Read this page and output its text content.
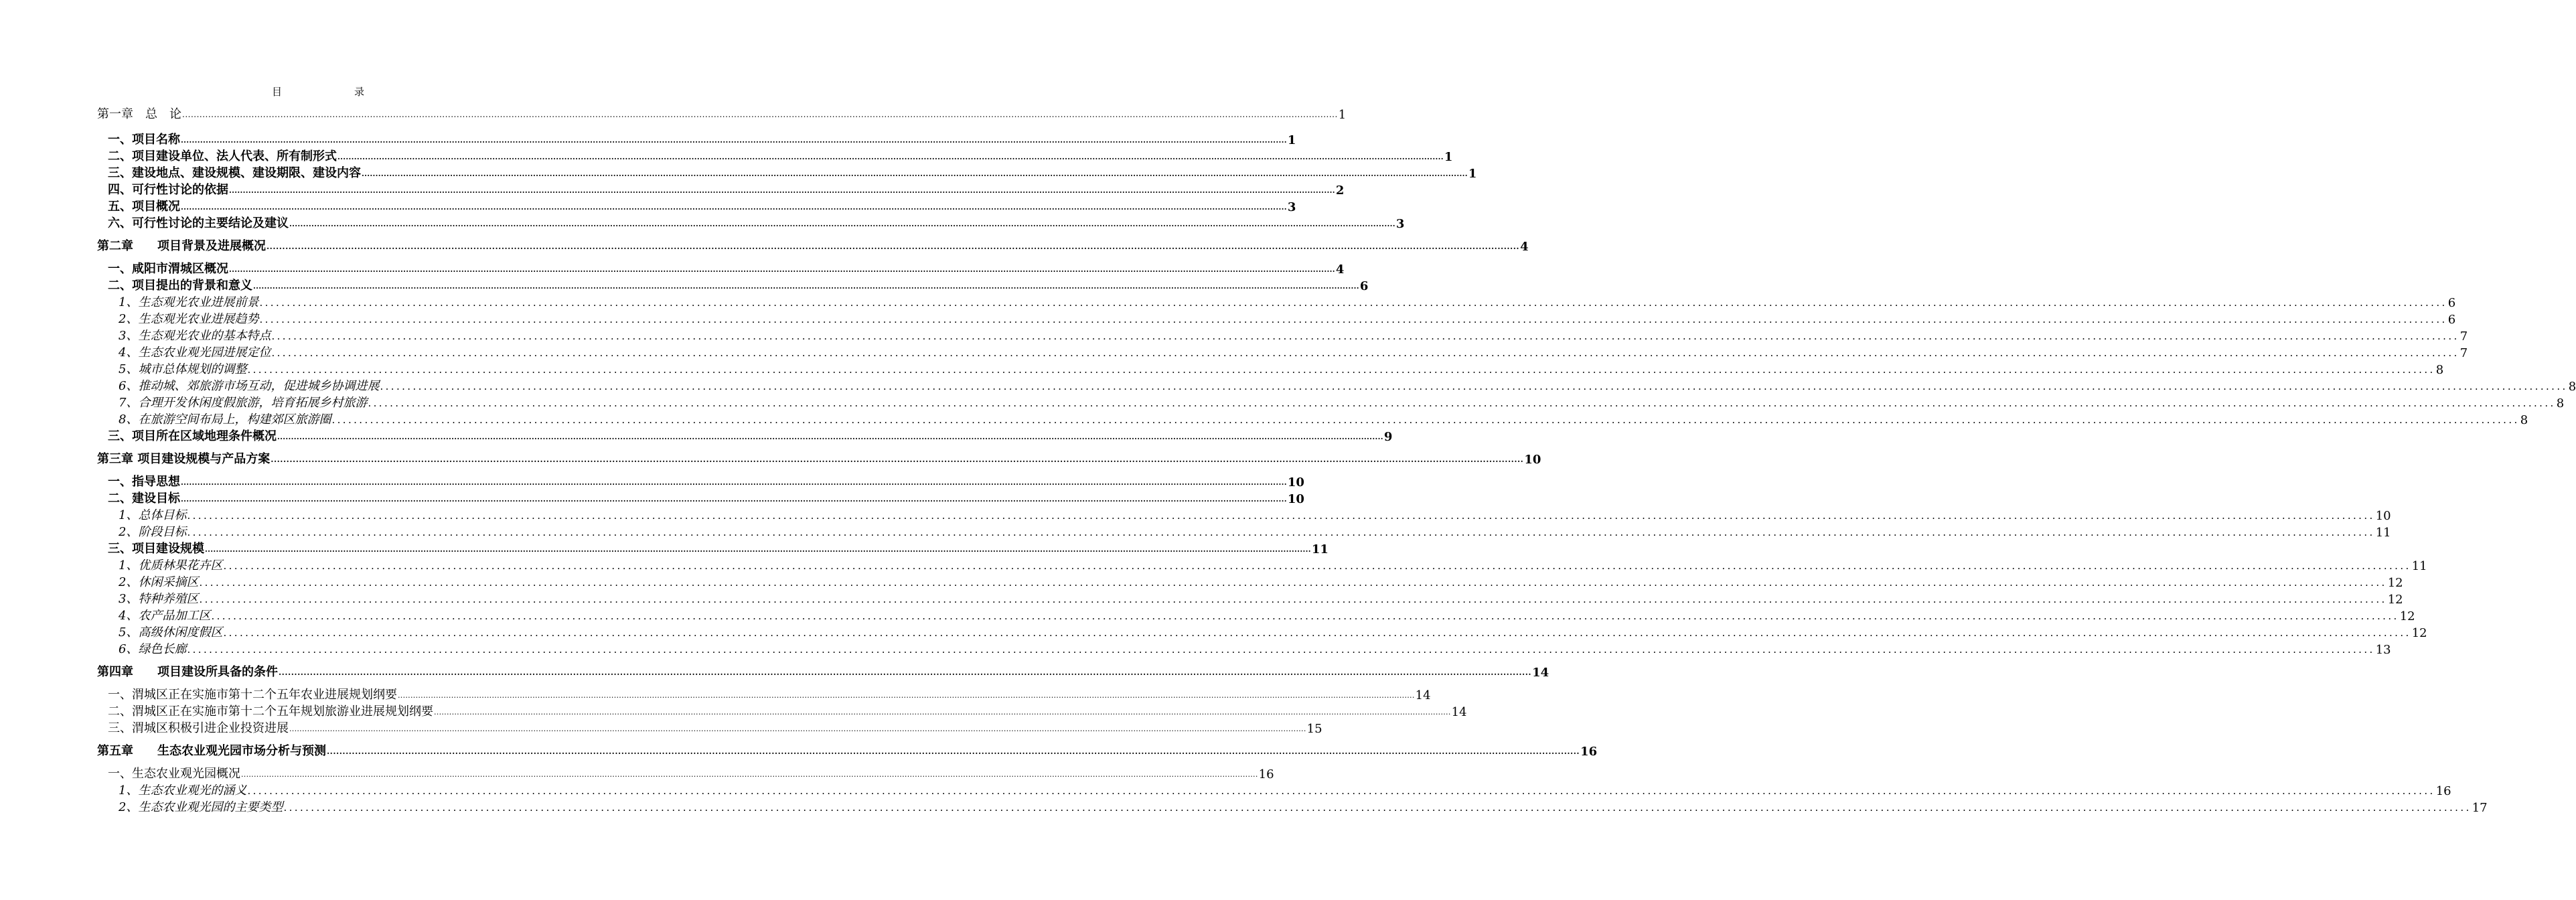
目　　录
第一章　总　论 ................................................................................................................................................................................................................................................................................................................................................................................................................ 1
一、项目名称 ................................................................................................................................................................................................................................................................................................................................................................................................................ 1
二、项目建设单位、法人代表、所有制形式 ................................................................................................................................................................................................................................................................................................................................................................................................................ 1
三、建设地点、建设规模、建设期限、建设内容 ................................................................................................................................................................................................................................................................................................................................................................................................................ 1
四、可行性讨论的依据 ................................................................................................................................................................................................................................................................................................................................................................................................................ 2
五、项目概况 ................................................................................................................................................................................................................................................................................................................................................................................................................ 3
六、可行性讨论的主要结论及建议 ................................................................................................................................................................................................................................................................................................................................................................................................................ 3
第二章　　项目背景及进展概况 ................................................................................................................................................................................................................................................................................................................................................................................................................ 4
一、咸阳市渭城区概况 ................................................................................................................................................................................................................................................................................................................................................................................................................ 4
二、项目提出的背景和意义 ................................................................................................................................................................................................................................................................................................................................................................................................................ 6
1、生态观光农业进展前景 ................................................................................................................................................................................................................................................................................................................................................................................................................ 6
2、生态观光农业进展趋势 ................................................................................................................................................................................................................................................................................................................................................................................................................ 6
3、生态观光农业的基本特点 ................................................................................................................................................................................................................................................................................................................................................................................................................ 7
4、生态农业观光园进展定位 ................................................................................................................................................................................................................................................................................................................................................................................................................ 7
5、城市总体规划的调整 ................................................................................................................................................................................................................................................................................................................................................................................................................ 8
6、推动城、郊旅游市场互动，促进城乡协调进展 ................................................................................................................................................................................................................................................................................................................................................................................................................ 8
7、合理开发休闲度假旅游，培育拓展乡村旅游 ................................................................................................................................................................................................................................................................................................................................................................................................................ 8
8、在旅游空间布局上，构建郊区旅游圈 ................................................................................................................................................................................................................................................................................................................................................................................................................ 8
三、项目所在区域地理条件概况 ................................................................................................................................................................................................................................................................................................................................................................................................................ 9
第三章 项目建设规模与产品方案 ................................................................................................................................................................................................................................................................................................................................................................................................................ 10
一、指导思想 ................................................................................................................................................................................................................................................................................................................................................................................................................ 10
二、建设目标 ................................................................................................................................................................................................................................................................................................................................................................................................................ 10
1、总体目标 ................................................................................................................................................................................................................................................................................................................................................................................................................ 10
2、阶段目标 ................................................................................................................................................................................................................................................................................................................................................................................................................ 11
三、项目建设规模 ................................................................................................................................................................................................................................................................................................................................................................................................................ 11
1、优质林果花卉区 ................................................................................................................................................................................................................................................................................................................................................................................................................ 11
2、休闲采摘区 ................................................................................................................................................................................................................................................................................................................................................................................................................ 12
3、特种养殖区 ................................................................................................................................................................................................................................................................................................................................................................................................................ 12
4、农产品加工区 ................................................................................................................................................................................................................................................................................................................................................................................................................ 12
5、高级休闲度假区 ................................................................................................................................................................................................................................................................................................................................................................................................................ 12
6、绿色长廊 ................................................................................................................................................................................................................................................................................................................................................................................................................ 13
第四章　　项目建设所具备的条件 ................................................................................................................................................................................................................................................................................................................................................................................................................ 14
一、渭城区正在实施市第十二个五年农业进展规划纲要 ................................................................................................................................................................................................................................................................................................................................................................................................................ 14
二、渭城区正在实施市第十二个五年规划旅游业进展规划纲要 ................................................................................................................................................................................................................................................................................................................................................................................................................ 14
三、渭城区积极引进企业投资进展 ................................................................................................................................................................................................................................................................................................................................................................................................................ 15
第五章　　生态农业观光园市场分析与预测 ................................................................................................................................................................................................................................................................................................................................................................................................................ 16
一、生态农业观光园概况 ................................................................................................................................................................................................................................................................................................................................................................................................................ 16
1、生态农业观光的涵义 ................................................................................................................................................................................................................................................................................................................................................................................................................ 16
2、生态农业观光园的主要类型 ................................................................................................................................................................................................................................................................................................................................................................................................................ 17
